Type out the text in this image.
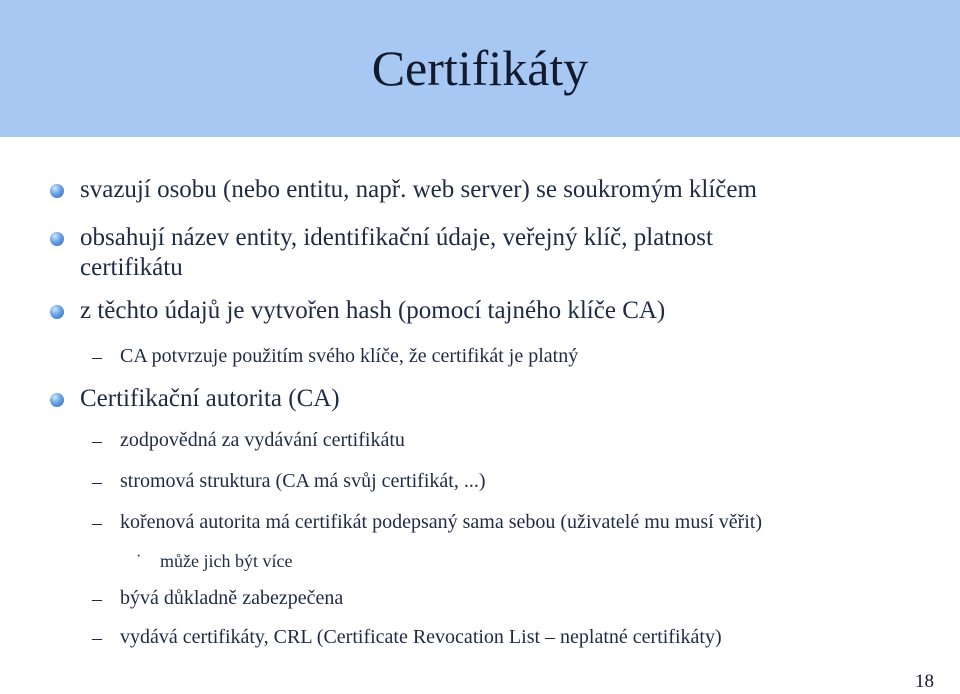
Certifikáty
svazují osobu (nebo entitu, např. web server) se soukromým klíčem
obsahují název entity, identifikační údaje, veřejný klíč, platnost
certifikátu
z těchto údajů je vytvořen hash (pomocí tajného klíče CA)
– CA potvrzuje použitím svého klíče, že certifikát je platný
Certifikační autorita (CA)
– zodpovědná za vydávání certifikátu
– stromová struktura (CA má svůj certifikát, ...)
– kořenová autorita má certifikát podepsaný sama sebou (uživatelé mu musí věřit)
· může jich být více
– bývá důkladně zabezpečena
– vydává certifikáty, CRL (Certificate Revocation List – neplatné certifikáty)
18
